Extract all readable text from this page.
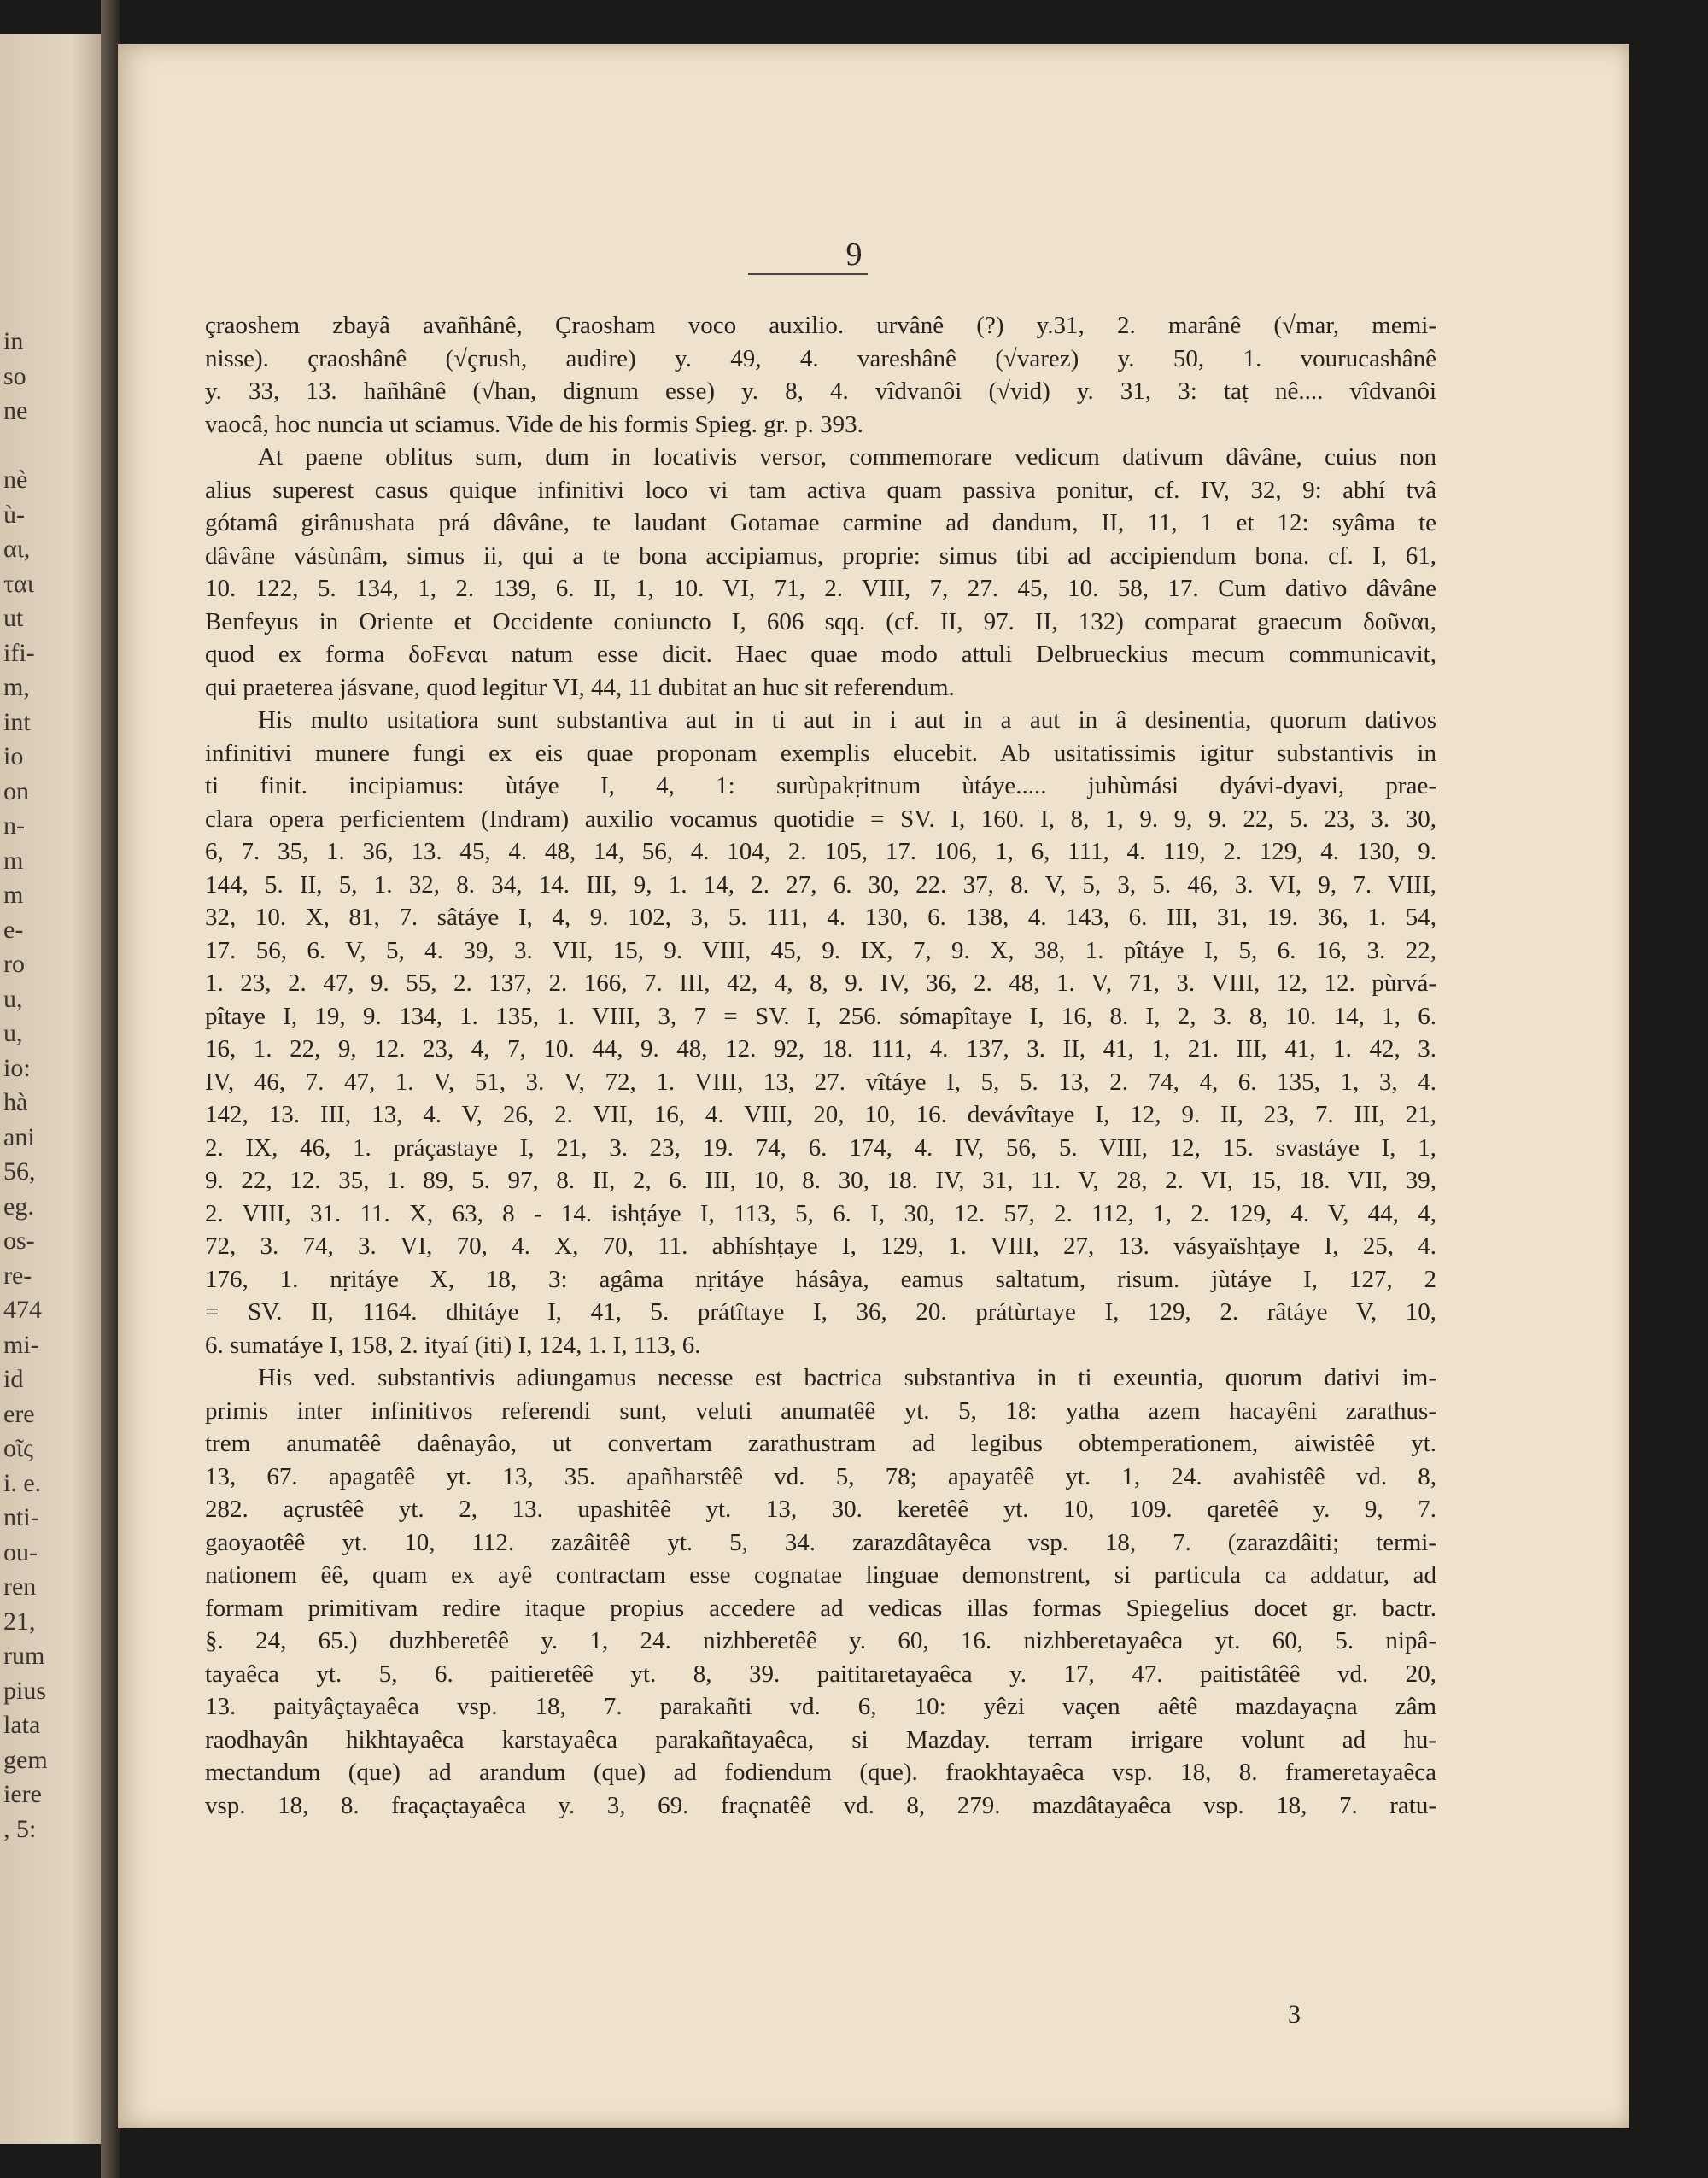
in
so
ne

nè
ù-
αι,
ται
ut
ifi-
m,
int
io
on
n-
m
m
e-
ro
u,
u,
io:
hà
ani
56,
eg.
os-
re-
474
mi-
id
ere
οῖς
i. e.
nti-
ou-
ren
21,
rum
pius
lata
gem
iere
, 5:
9
çraoshem zbayâ avañhânê, Çraosham voco auxilio. urvânê (?) y.31, 2. marânê (√mar, memi-
nisse). çraoshânê (√çrush, audire) y. 49, 4. vareshânê (√varez) y. 50, 1. vourucashânê
y. 33, 13. hañhânê (√han, dignum esse) y. 8, 4. vîdvanôi (√vid) y. 31, 3: taṭ nê.... vîdvanôi
vaocâ, hoc nuncia ut sciamus. Vide de his formis Spieg. gr. p. 393.
At paene oblitus sum, dum in locativis versor, commemorare vedicum dativum dâvâne, cuius non
alius superest casus quique infinitivi loco vi tam activa quam passiva ponitur, cf. IV, 32, 9: abhí tvâ
gótamâ girânushata prá dâvâne, te laudant Gotamae carmine ad dandum, II, 11, 1 et 12: syâma te
dâvâne vásùnâm, simus ii, qui a te bona accipiamus, proprie: simus tibi ad accipiendum bona. cf. I, 61,
10. 122, 5. 134, 1, 2. 139, 6. II, 1, 10. VI, 71, 2. VIII, 7, 27. 45, 10. 58, 17. Cum dativo dâvâne
Benfeyus in Oriente et Occidente coniuncto I, 606 sqq. (cf. II, 97. II, 132) comparat graecum δοῦναι,
quod ex forma δοϜεναι natum esse dicit. Haec quae modo attuli Delbrueckius mecum communicavit,
qui praeterea jásvane, quod legitur VI, 44, 11 dubitat an huc sit referendum.
His multo usitatiora sunt substantiva aut in ti aut in i aut in a aut in â desinentia, quorum dativos
infinitivi munere fungi ex eis quae proponam exemplis elucebit. Ab usitatissimis igitur substantivis in
ti finit. incipiamus: ùtáye I, 4, 1: surùpakṛitnum ùtáye..... juhùmási dyávi-dyavi, prae-
clara opera perficientem (Indram) auxilio vocamus quotidie = SV. I, 160. I, 8, 1, 9. 9, 9. 22, 5. 23, 3. 30,
6, 7. 35, 1. 36, 13. 45, 4. 48, 14, 56, 4. 104, 2. 105, 17. 106, 1, 6, 111, 4. 119, 2. 129, 4. 130, 9.
144, 5. II, 5, 1. 32, 8. 34, 14. III, 9, 1. 14, 2. 27, 6. 30, 22. 37, 8. V, 5, 3, 5. 46, 3. VI, 9, 7. VIII,
32, 10. X, 81, 7. sâtáye I, 4, 9. 102, 3, 5. 111, 4. 130, 6. 138, 4. 143, 6. III, 31, 19. 36, 1. 54,
17. 56, 6. V, 5, 4. 39, 3. VII, 15, 9. VIII, 45, 9. IX, 7, 9. X, 38, 1. pîtáye I, 5, 6. 16, 3. 22,
1. 23, 2. 47, 9. 55, 2. 137, 2. 166, 7. III, 42, 4, 8, 9. IV, 36, 2. 48, 1. V, 71, 3. VIII, 12, 12. pùrvá-
pîtaye I, 19, 9. 134, 1. 135, 1. VIII, 3, 7 = SV. I, 256. sómapîtaye I, 16, 8. I, 2, 3. 8, 10. 14, 1, 6.
16, 1. 22, 9, 12. 23, 4, 7, 10. 44, 9. 48, 12. 92, 18. 111, 4. 137, 3. II, 41, 1, 21. III, 41, 1. 42, 3.
IV, 46, 7. 47, 1. V, 51, 3. V, 72, 1. VIII, 13, 27. vîtáye I, 5, 5. 13, 2. 74, 4, 6. 135, 1, 3, 4.
142, 13. III, 13, 4. V, 26, 2. VII, 16, 4. VIII, 20, 10, 16. devávîtaye I, 12, 9. II, 23, 7. III, 21,
2. IX, 46, 1. práçastaye I, 21, 3. 23, 19. 74, 6. 174, 4. IV, 56, 5. VIII, 12, 15. svastáye I, 1,
9. 22, 12. 35, 1. 89, 5. 97, 8. II, 2, 6. III, 10, 8. 30, 18. IV, 31, 11. V, 28, 2. VI, 15, 18. VII, 39,
2. VIII, 31. 11. X, 63, 8 - 14. ishṭáye I, 113, 5, 6. I, 30, 12. 57, 2. 112, 1, 2. 129, 4. V, 44, 4,
72, 3. 74, 3. VI, 70, 4. X, 70, 11. abhíshṭaye I, 129, 1. VIII, 27, 13. vásyaïshṭaye I, 25, 4.
176, 1. nṛitáye X, 18, 3: agâma nṛitáye hásâya, eamus saltatum, risum. jùtáye I, 127, 2
= SV. II, 1164. dhitáye I, 41, 5. prátîtaye I, 36, 20. prátùrtaye I, 129, 2. râtáye V, 10,
6. sumatáye I, 158, 2. ityaí (iti) I, 124, 1. I, 113, 6.
His ved. substantivis adiungamus necesse est bactrica substantiva in ti exeuntia, quorum dativi im-
primis inter infinitivos referendi sunt, veluti anumatêê yt. 5, 18: yatha azem hacayêni zarathus-
trem anumatêê daênayâo, ut convertam zarathustram ad legibus obtemperationem, aiwistêê yt.
13, 67. apagatêê yt. 13, 35. apañharstêê vd. 5, 78; apayatêê yt. 1, 24. avahistêê vd. 8,
282. açrustêê yt. 2, 13. upashitêê yt. 13, 30. keretêê yt. 10, 109. qaretêê y. 9, 7.
gaoyaotêê yt. 10, 112. zazâitêê yt. 5, 34. zarazdâtayêca vsp. 18, 7. (zarazdâiti; termi-
nationem êê, quam ex ayê contractam esse cognatae linguae demonstrent, si particula ca addatur, ad
formam primitivam redire itaque propius accedere ad vedicas illas formas Spiegelius docet gr. bactr.
§. 24, 65.) duzhberetêê y. 1, 24. nizhberetêê y. 60, 16. nizhberetayaêca yt. 60, 5. nipâ-
tayaêca yt. 5, 6. paitieretêê yt. 8, 39. paititaretayaêca y. 17, 47. paitistâtêê vd. 20,
13. paityâçtayaêca vsp. 18, 7. parakañti vd. 6, 10: yêzi vaçen aêtê mazdayaçna zâm
raodhayân hikhtayaêca karstayaêca parakañtayaêca, si Mazday. terram irrigare volunt ad hu-
mectandum (que) ad arandum (que) ad fodiendum (que). fraokhtayaêca vsp. 18, 8. frameretayaêca
vsp. 18, 8. fraçaçtayaêca y. 3, 69. fraçnatêê vd. 8, 279. mazdâtayaêca vsp. 18, 7. ratu-
3
